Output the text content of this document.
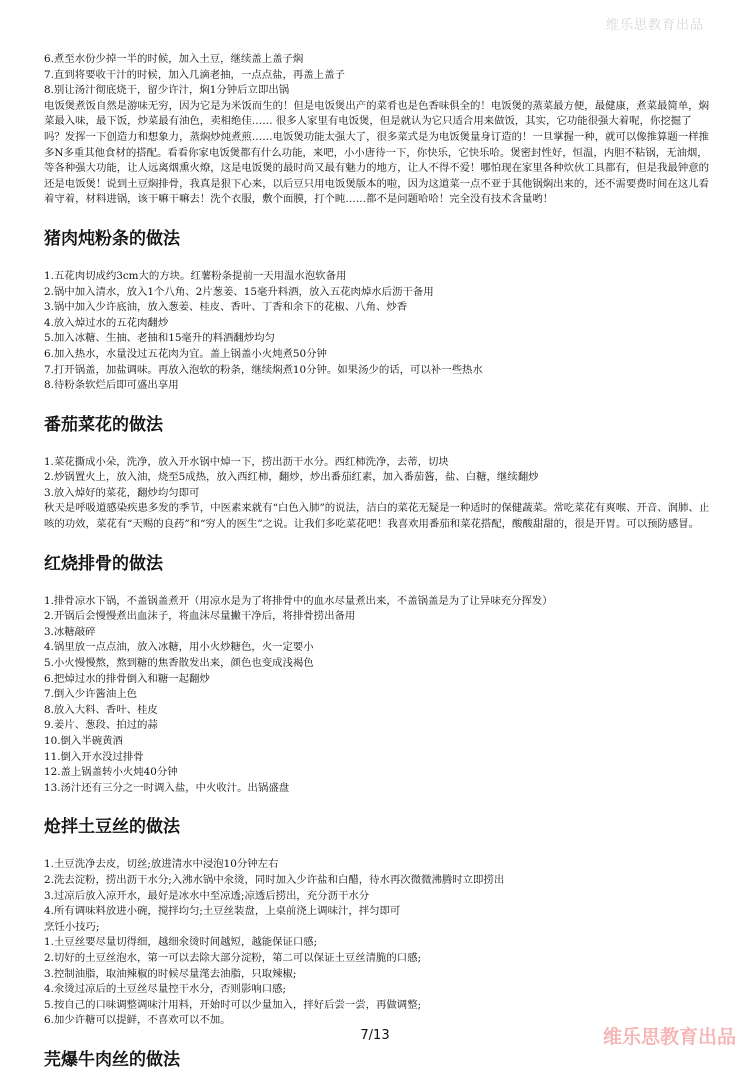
维乐思教育出品

6.煮至水份少掉一半的时候，加入土豆，继续盖上盖子焖

7.直到将要收干汁的时候，加入几滴老抽，一点点盐，再盖上盖子

8.别让汤汁彻底烧干，留少许汁，焖1分钟后立即出锅

电饭煲煮饭自然是游味无穷，因为它是为米饭而生的！但是电饭煲出产的菜肴也是色香味俱全的！电饭煲的蒸菜最方便，最健康，煮菜最简单，焖菜最入味，最下饭，炒菜最有油色，卖相绝佳…… 很多人家里有电饭煲，但是就认为它只适合用来做饭，其实，它功能很强大着呢，你挖掘了吗？发挥一下创造力和想象力，蒸焖炒炖煮煎……电饭煲功能太强大了，很多菜式是为电饭煲量身订造的！一旦掌握一种，就可以像推算题一样推多N多重其他食材的搭配。看看你家电饭煲都有什么功能，来吧，小小唐待一下，你快乐，它快乐哈。煲密封性好，恒温，内胆不粘锅，无油烟，等各种强大功能，让人远离烟熏火燎，这是电饭煲的最时尚又最有魅力的地方，让人不得不爱！哪怕现在家里各种炊伙工具都有，但是我最钟意的还是电饭煲！说到土豆焖排骨，我真是狠下心来，以后豆只用电饭煲版本的啦，因为这道菜一点不亚于其他锅焖出来的，还不需要费时间在这儿看着守着，材料进锅，该干嘛干嘛去！洗个衣服，敷个面膜，打个盹……都不是问题哈哈！完全没有技术含量哟！

猪肉炖粉条的做法

1.五花肉切成约3cm大的方块。红薯粉条提前一天用温水泡软备用

2.锅中加入清水，放入1个八角、2片葱姜、15毫升料酒，放入五花肉焯水后沥干备用

3.锅中加入少许底油，放入葱姜、桂皮、香叶、丁香和余下的花椒、八角、炒香

4.放入焯过水的五花肉翻炒

5.加入冰糖、生抽、老抽和15毫升的料酒翻炒均匀

6.加入热水，水量没过五花肉为宜。盖上锅盖小火炖煮50分钟

7.打开锅盖，加盐调味。再放入泡软的粉条，继续焖煮10分钟。如果汤少的话，可以补一些热水

8.待粉条软烂后即可盛出享用

番茄菜花的做法

1.菜花撕成小朵，洗净，放入开水锅中焯一下，捞出沥干水分。西红柿洗净，去蒂，切块

2.炒锅置火上，放入油，烧至5成热，放入西红柿，翻炒，炒出番茄红素，加入番茄酱，盐、白糖，继续翻炒

3.放入焯好的菜花，翻炒均匀即可

秋天是呼吸道感染疾患多发的季节，中医素来就有“白色入肺”的说法，洁白的菜花无疑是一种适时的保健蔬菜。常吃菜花有爽喉、开音、润肺、止咳的功效，菜花有“天赐的良药”和“穷人的医生”之说。让我们多吃菜花吧！我喜欢用番茄和菜花搭配，酸酸甜甜的，很是开胃。可以预防感冒。

红烧排骨的做法

1.排骨凉水下锅，不盖锅盖煮开（用凉水是为了将排骨中的血水尽量煮出来，不盖锅盖是为了让异味充分挥发）

2.开锅后会慢慢煮出血沫子，将血沫尽量撇干净后，将排骨捞出备用

3.冰糖敲碎

4.锅里放一点点油，放入冰糖，用小火炒糖色，火一定要小

5.小火慢慢熬，熬到糖的焦香散发出来，颜色也变成浅褐色

6.把焯过水的排骨倒入和糖一起翻炒

7.倒入少许酱油上色

8.放入大料、香叶、桂皮

9.姜片、葱段、拍过的蒜

10.倒入半碗黄酒

11.倒入开水没过排骨

12.盖上锅盖转小火炖40分钟

13.汤汁还有三分之一时调入盐，中火收汁。出锅盛盘

炝拌土豆丝的做法

1.土豆洗净去皮，切丝;放进清水中浸泡10分钟左右

2.洗去淀粉，捞出沥干水分;入沸水锅中氽烫，同时加入少许盐和白醋，待水再次微微沸腾时立即捞出

3.过凉后放入凉开水，最好是冰水中至凉透;凉透后捞出，充分沥干水分

4.所有调味料放进小碗，搅拌均匀;土豆丝装盘，上桌前浇上调味汁，拌匀即可

烹饪小技巧;

1.土豆丝要尽量切得细，越细氽烫时间越短，越能保证口感;

2.切好的土豆丝泡水，第一可以去除大部分淀粉，第二可以保证土豆丝清脆的口感;

3.控制油脂，取油辣椒的时候尽量滗去油脂，只取辣椒;

4.氽烫过凉后的土豆丝尽量控干水分，否则影响口感;

5.按自己的口味调整调味汁用料，开始时可以少量加入，拌好后尝一尝，再做调整;

6.加少许糖可以提鲜，不喜欢可以不加。

芫爆牛肉丝的做法
7/13	维乐思教育出品
